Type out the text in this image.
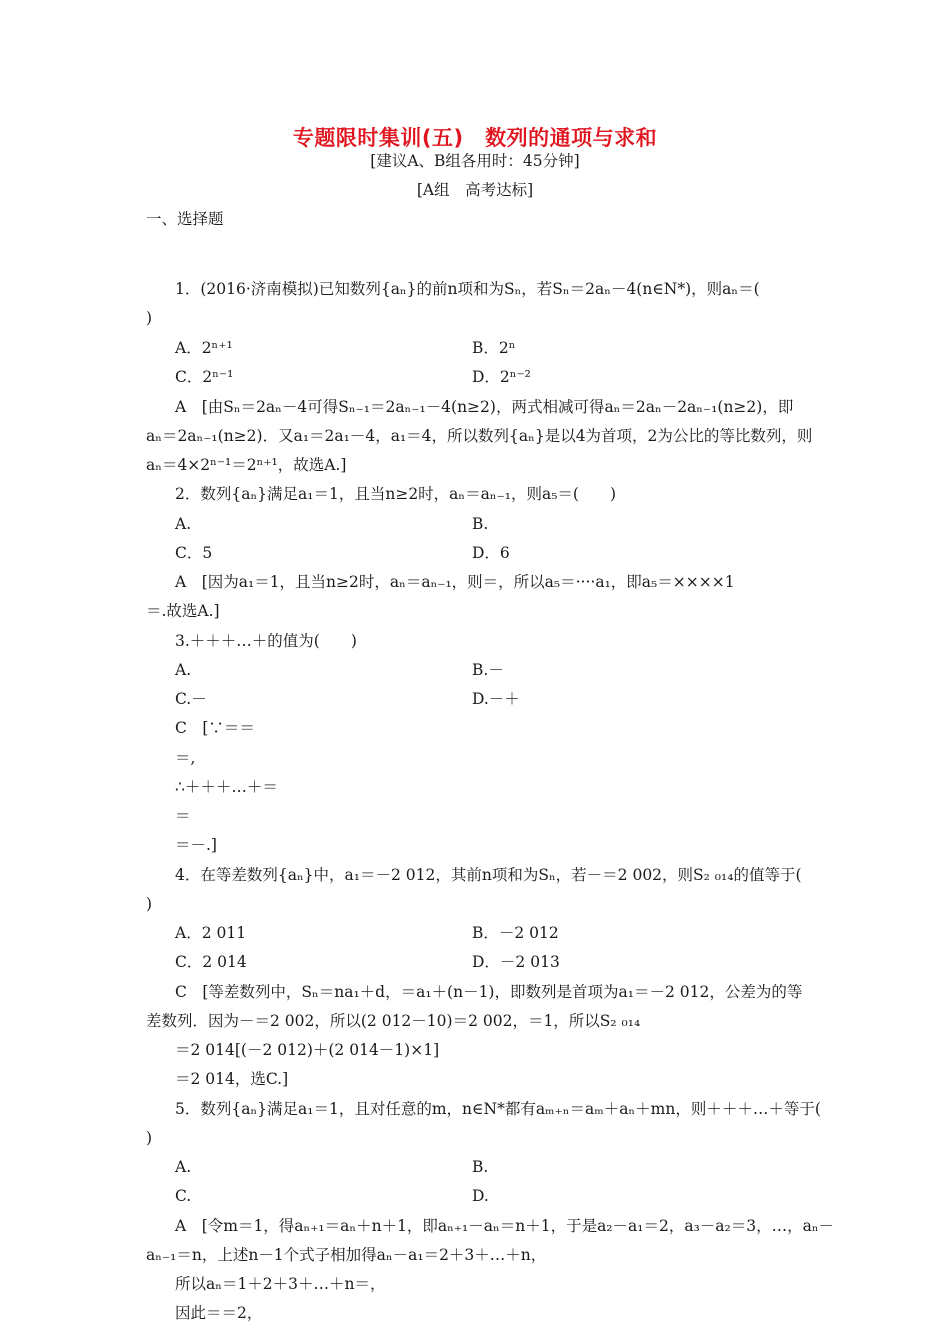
专题限时集训(五)　数列的通项与求和
[建议A、B组各用时：45分钟]
[A组　高考达标]
一、选择题
1．(2016·济南模拟)已知数列{aₙ}的前n项和为Sₙ，若Sₙ＝2aₙ－4(n∈N*)，则aₙ＝(
)
A．2ⁿ⁺¹	B．2ⁿ
C．2ⁿ⁻¹	D．2ⁿ⁻²
A　[由Sₙ＝2aₙ－4可得Sₙ₋₁＝2aₙ₋₁－4(n≥2)，两式相减可得aₙ＝2aₙ－2aₙ₋₁(n≥2)，即
aₙ＝2aₙ₋₁(n≥2)．又a₁＝2a₁－4，a₁＝4，所以数列{aₙ}是以4为首项，2为公比的等比数列，则
aₙ＝4×2ⁿ⁻¹＝2ⁿ⁺¹，故选A.]
2．数列{aₙ}满足a₁＝1，且当n≥2时，aₙ＝aₙ₋₁，则a₅＝(　　)
A.	B.
C．5	D．6
A　[因为a₁＝1，且当n≥2时，aₙ＝aₙ₋₁，则＝，所以a₅＝····a₁，即a₅＝××××1
＝.故选A.]
3.＋＋＋…＋的值为(　　)
A.	B.－
C.－	D.－＋
C　[∵＝＝
＝,
∴＋＋＋…＋＝
＝
＝－.]
4．在等差数列{aₙ}中，a₁＝－2 012，其前n项和为Sₙ，若－＝2 002，则S₂ ₀₁₄的值等于(
)
A．2 011	B．－2 012
C．2 014	D．－2 013
C　[等差数列中，Sₙ＝na₁＋d，＝a₁＋(n－1)，即数列是首项为a₁＝－2 012，公差为的等
差数列．因为－＝2 002，所以(2 012－10)＝2 002，＝1，所以S₂ ₀₁₄
＝2 014[(－2 012)＋(2 014－1)×1]
＝2 014，选C.]
5．数列{aₙ}满足a₁＝1，且对任意的m，n∈N*都有aₘ₊ₙ＝aₘ＋aₙ＋mn，则＋＋＋…＋等于(
)
A.	B.
C.	D.
A　[令m＝1，得aₙ₊₁＝aₙ＋n＋1，即aₙ₊₁－aₙ＝n＋1，于是a₂－a₁＝2，a₃－a₂＝3，…，aₙ－
aₙ₋₁＝n，上述n－1个式子相加得aₙ－a₁＝2＋3＋…＋n，
所以aₙ＝1＋2＋3＋…＋n＝，
因此＝＝2，
